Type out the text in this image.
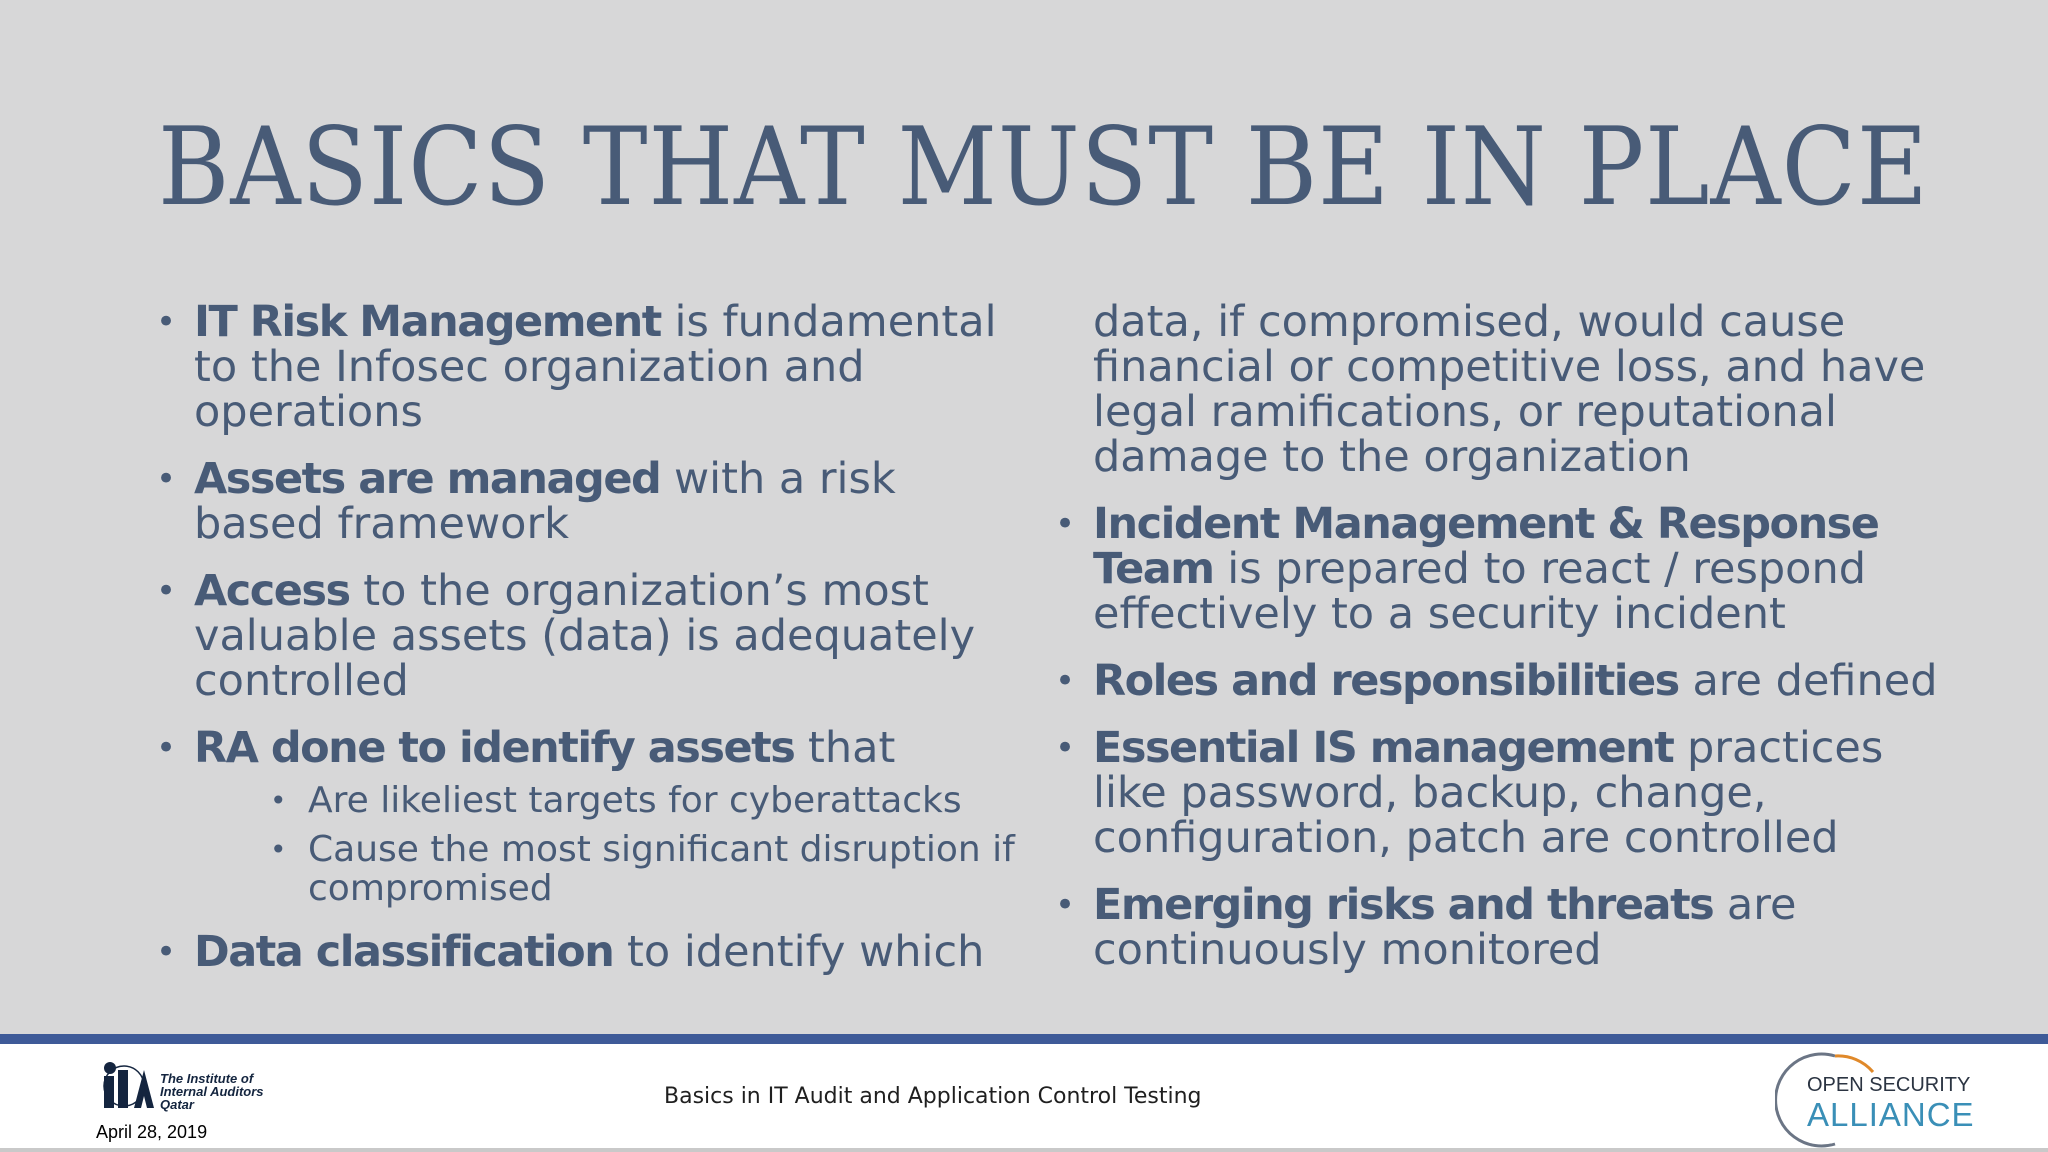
BASICS THAT MUST BE IN PLACE
• IT Risk Management is fundamental to the Infosec organization and operations
• Assets are managed with a risk based framework
• Access to the organization’s most valuable assets (data) is adequately controlled
• RA done to identify assets that
• Are likeliest targets for cyberattacks
• Cause the most significant disruption if compromised
• Data classification to identify which
data, if compromised, would cause financial or competitive loss, and have legal ramifications, or reputational damage to the organization
• Incident Management & Response Team is prepared to react / respond effectively to a security incident
• Roles and responsibilities are defined
• Essential IS management practices like password, backup, change, configuration, patch are controlled
• Emerging risks and threats are continuously monitored
The Institute of
Internal Auditors
Qatar
April 28, 2019
Basics in IT Audit and Application Control Testing	OPEN SECURITY
ALLIANCE
